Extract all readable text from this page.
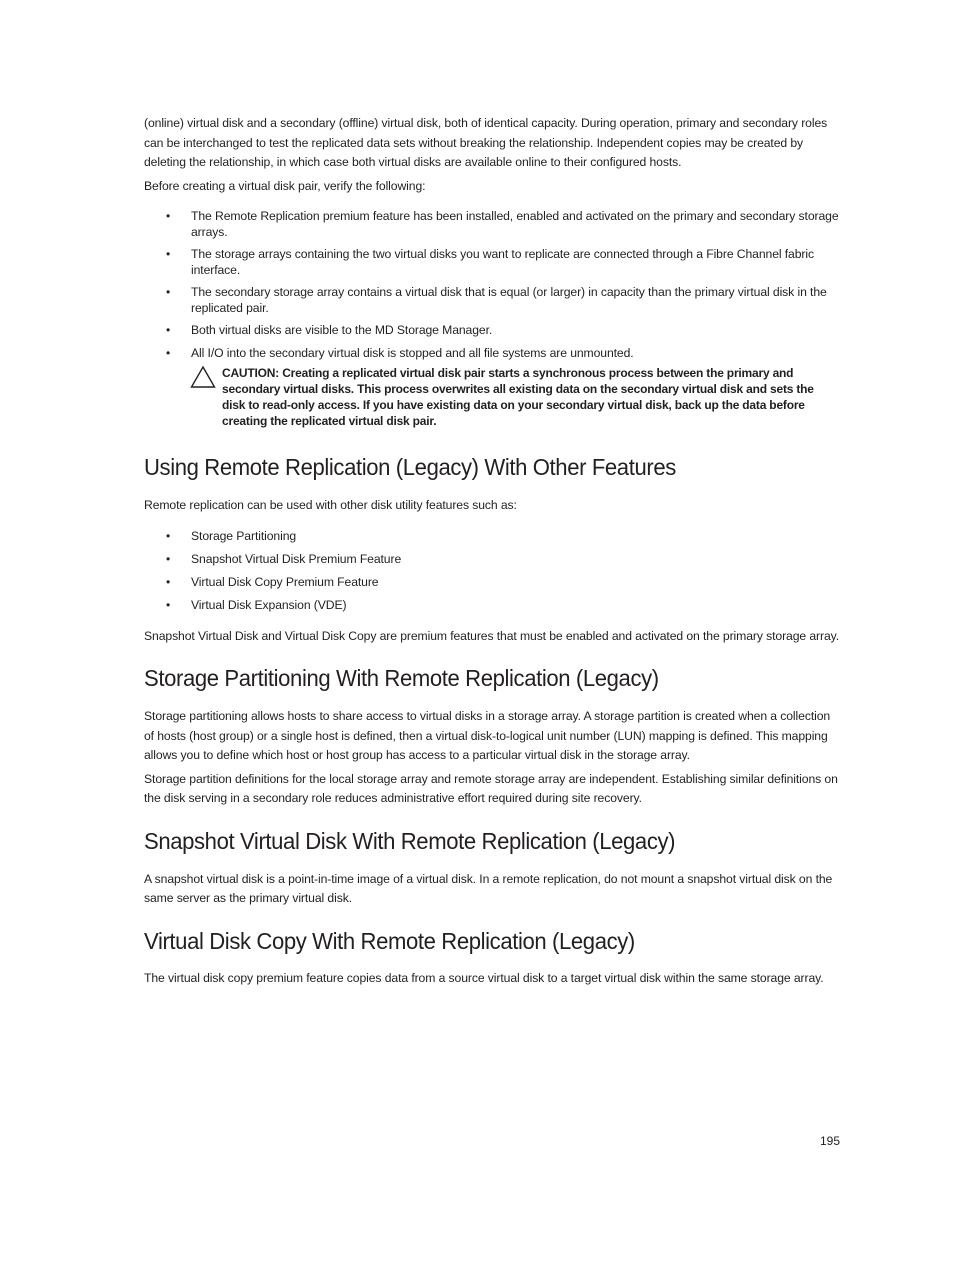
(online) virtual disk and a secondary (offline) virtual disk, both of identical capacity. During operation, primary and secondary roles can be interchanged to test the replicated data sets without breaking the relationship. Independent copies may be created by deleting the relationship, in which case both virtual disks are available online to their configured hosts.

Before creating a virtual disk pair, verify the following:

• The Remote Replication premium feature has been installed, enabled and activated on the primary and secondary storage arrays.
• The storage arrays containing the two virtual disks you want to replicate are connected through a Fibre Channel fabric interface.
• The secondary storage array contains a virtual disk that is equal (or larger) in capacity than the primary virtual disk in the replicated pair.
• Both virtual disks are visible to the MD Storage Manager.
• All I/O into the secondary virtual disk is stopped and all file systems are unmounted.

CAUTION: Creating a replicated virtual disk pair starts a synchronous process between the primary and secondary virtual disks. This process overwrites all existing data on the secondary virtual disk and sets the disk to read-only access. If you have existing data on your secondary virtual disk, back up the data before creating the replicated virtual disk pair.

Using Remote Replication (Legacy) With Other Features

Remote replication can be used with other disk utility features such as:

• Storage Partitioning
• Snapshot Virtual Disk Premium Feature
• Virtual Disk Copy Premium Feature
• Virtual Disk Expansion (VDE)

Snapshot Virtual Disk and Virtual Disk Copy are premium features that must be enabled and activated on the primary storage array.

Storage Partitioning With Remote Replication (Legacy)

Storage partitioning allows hosts to share access to virtual disks in a storage array. A storage partition is created when a collection of hosts (host group) or a single host is defined, then a virtual disk-to-logical unit number (LUN) mapping is defined. This mapping allows you to define which host or host group has access to a particular virtual disk in the storage array.

Storage partition definitions for the local storage array and remote storage array are independent. Establishing similar definitions on the disk serving in a secondary role reduces administrative effort required during site recovery.

Snapshot Virtual Disk With Remote Replication (Legacy)

A snapshot virtual disk is a point-in-time image of a virtual disk. In a remote replication, do not mount a snapshot virtual disk on the same server as the primary virtual disk.

Virtual Disk Copy With Remote Replication (Legacy)

The virtual disk copy premium feature copies data from a source virtual disk to a target virtual disk within the same storage array.

195
